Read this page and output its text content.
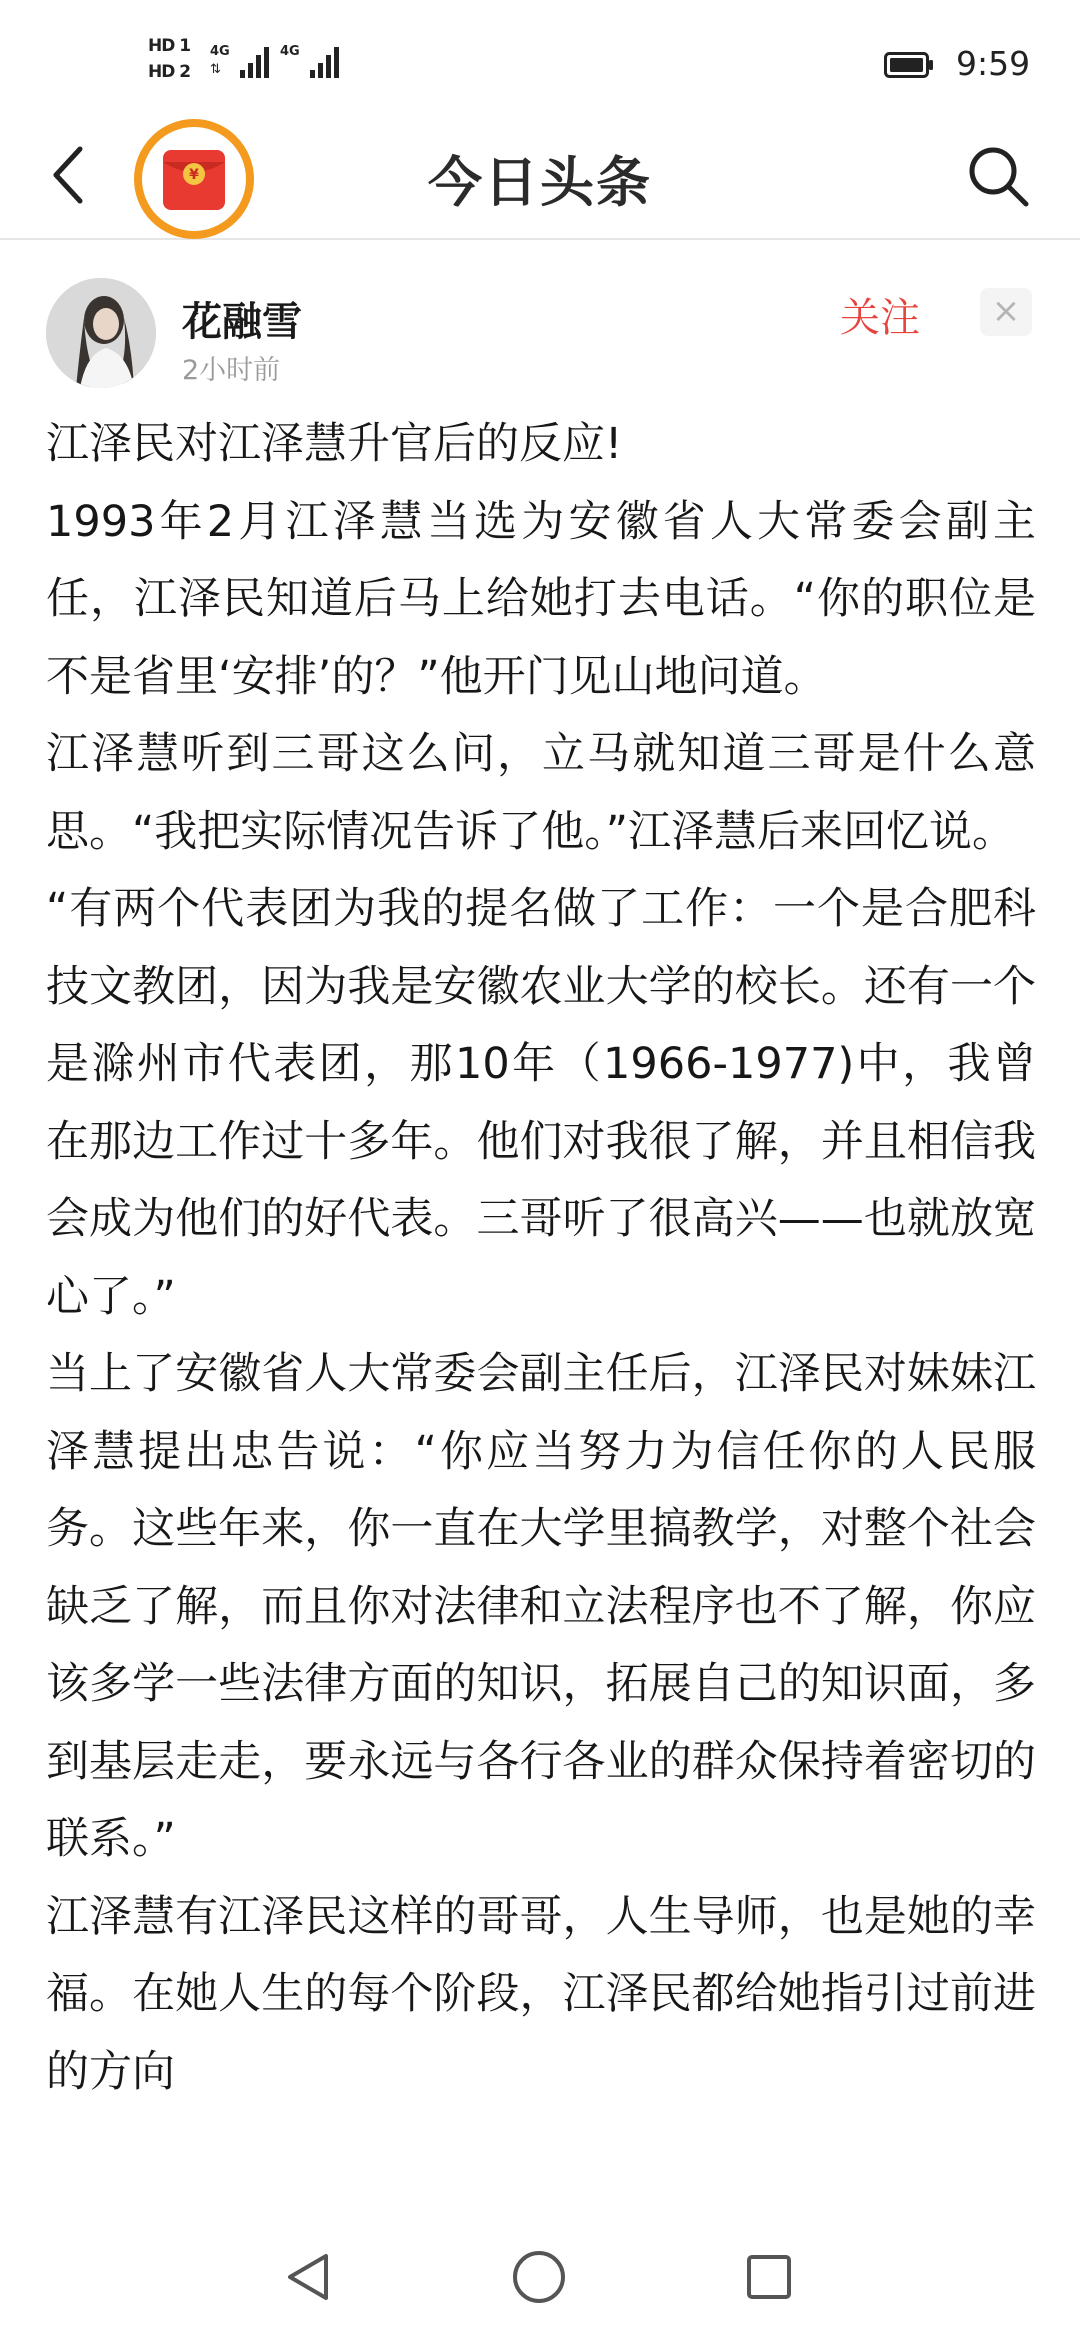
HD 1
HD 2
4G
⇅
4G	9:59
¥	今日头条
花融雪
2小时前
关注	×

江泽民对江泽慧升官后的反应!

1993年2月江泽慧当选为安徽省人大常委会副主任，江泽民知道后马上给她打去电话。“你的职位是不是省里‘安排’的？”他开门见山地问道。

江泽慧听到三哥这么问，立马就知道三哥是什么意思。“我把实际情况告诉了他。”江泽慧后来回忆说。

“有两个代表团为我的提名做了工作：一个是合肥科技文教团，因为我是安徽农业大学的校长。还有一个是滁州市代表团，那10年（1966-1977)中，我曾在那边工作过十多年。他们对我很了解，并且相信我会成为他们的好代表。三哥听了很高兴——也就放宽心了。”

当上了安徽省人大常委会副主任后，江泽民对妹妹江泽慧提出忠告说：“你应当努力为信任你的人民服务。这些年来，你一直在大学里搞教学，对整个社会缺乏了解，而且你对法律和立法程序也不了解，你应该多学一些法律方面的知识，拓展自己的知识面，多到基层走走，要永远与各行各业的群众保持着密切的联系。”

江泽慧有江泽民这样的哥哥，人生导师，也是她的幸福。在她人生的每个阶段，江泽民都给她指引过前进的方向
